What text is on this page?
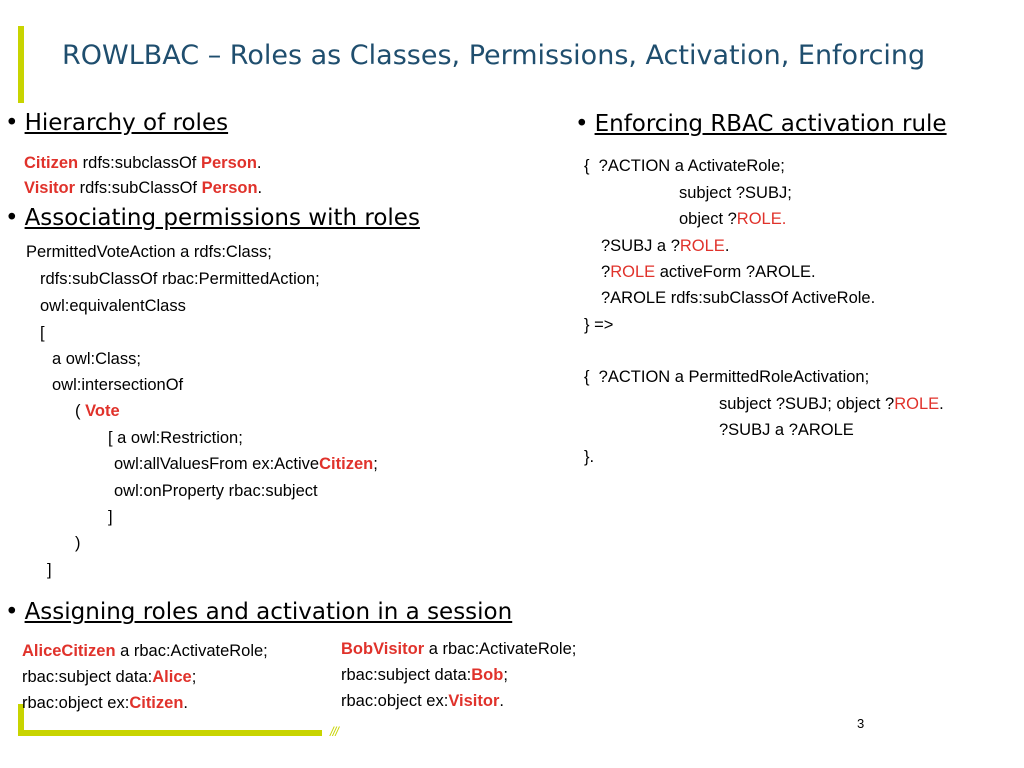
ROWLBAC – Roles as Classes, Permissions, Activation, Enforcing
• Hierarchy of roles
Citizen rdfs:subclassOf Person.
Visitor rdfs:subClassOf Person.
• Associating permissions with roles
PermittedVoteAction a rdfs:Class;
rdfs:subClassOf rbac:PermittedAction;
owl:equivalentClass
[
a owl:Class;
owl:intersectionOf
( Vote
[ a owl:Restriction;
owl:allValuesFrom ex:ActiveCitizen;
owl:onProperty rbac:subject
]
)
]
• Enforcing RBAC activation rule
{  ?ACTION a ActivateRole;
subject ?SUBJ;
object ?ROLE.
?SUBJ a ?ROLE.
?ROLE activeForm ?AROLE.
?AROLE rdfs:subClassOf ActiveRole.
} =>
{  ?ACTION a PermittedRoleActivation;
subject ?SUBJ; object ?ROLE.
?SUBJ a ?AROLE
}.
• Assigning roles and activation in a session
AliceCitizen a rbac:ActivateRole;
rbac:subject data:Alice;
rbac:object ex:Citizen.
BobVisitor a rbac:ActivateRole;
rbac:subject data:Bob;
rbac:object ex:Visitor.
///
3
